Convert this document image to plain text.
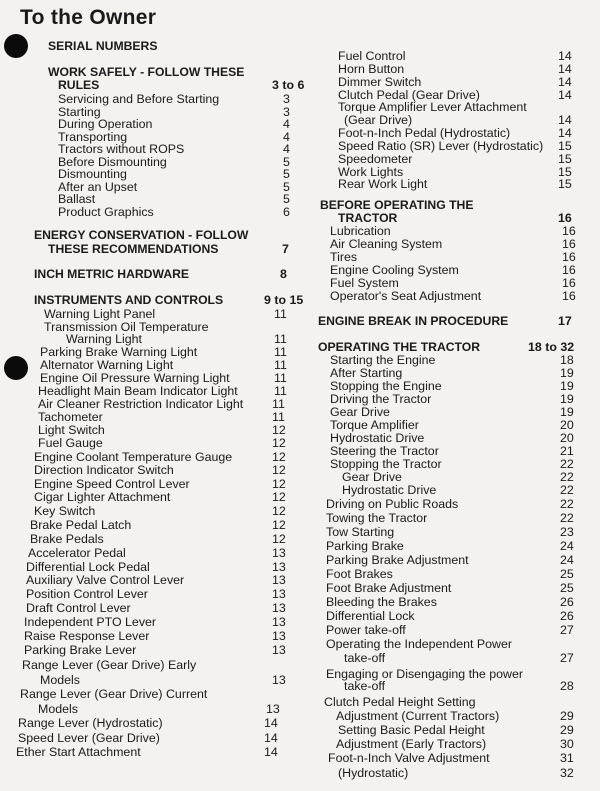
To the Owner
SERIAL NUMBERS
WORK SAFELY - FOLLOW THESE
RULES	3 to 6
Servicing and Before Starting	3
Starting	3
During Operation	4
Transporting	4
Tractors without ROPS	4
Before Dismounting	5
Dismounting	5
After an Upset	5
Ballast	5
Product Graphics	6
ENERGY CONSERVATION - FOLLOW
THESE RECOMMENDATIONS	7
INCH METRIC HARDWARE	8
INSTRUMENTS AND CONTROLS	9 to 15
Warning Light Panel	11
Transmission Oil Temperature
Warning Light	11
Parking Brake Warning Light	11
Alternator Warning Light	11
Engine Oil Pressure Warning Light	11
Headlight Main Beam Indicator Light	11
Air Cleaner Restriction Indicator Light 11
Tachometer	11
Light Switch	12
Fuel Gauge	12
Engine Coolant Temperature Gauge	12
Direction Indicator Switch	12
Engine Speed Control Lever	12
Cigar Lighter Attachment	12
Key Switch	12
Brake Pedal Latch	12
Brake Pedals	12
Accelerator Pedal	13
Differential Lock Pedal	13
Auxiliary Valve Control Lever	13
Position Control Lever	13
Draft Control Lever	13
Independent PTO Lever	13
Raise Response Lever	13
Parking Brake Lever	13
Range Lever (Gear Drive) Early
Models	13
Range Lever (Gear Drive) Current
Models	13
Range Lever (Hydrostatic)	14
Speed Lever (Gear Drive)	14
Ether Start Attachment	14
Fuel Control	14
Horn Button	14
Dimmer Switch	14
Clutch Pedal (Gear Drive)	14
Torque Amplifier Lever Attachment
(Gear Drive)	14
Foot-n-Inch Pedal (Hydrostatic)	14
Speed Ratio (SR) Lever (Hydrostatic) 15
Speedometer	15
Work Lights	15
Rear Work Light	15
BEFORE OPERATING THE
TRACTOR	16
Lubrication	16
Air Cleaning System	16
Tires	16
Engine Cooling System	16
Fuel System	16
Operator's Seat Adjustment	16
ENGINE BREAK IN PROCEDURE	17
OPERATING THE TRACTOR	18 to 32
Starting the Engine	18
After Starting	19
Stopping the Engine	19
Driving the Tractor	19
Gear Drive	19
Torque Amplifier	20
Hydrostatic Drive	20
Steering the Tractor	21
Stopping the Tractor	22
Gear Drive	22
Hydrostatic Drive	22
Driving on Public Roads	22
Towing the Tractor	22
Tow Starting	23
Parking Brake	24
Parking Brake Adjustment	24
Foot Brakes	25
Foot Brake Adjustment	25
Bleeding the Brakes	26
Differential Lock	26
Power take-off	27
Operating the Independent Power
take-off	27
Engaging or Disengaging the power
take-off	28
Clutch Pedal Height Setting
Adjustment (Current Tractors)	29
Setting Basic Pedal Height	29
Adjustment (Early Tractors)	30
Foot-n-Inch Valve Adjustment	31
(Hydrostatic)	32
